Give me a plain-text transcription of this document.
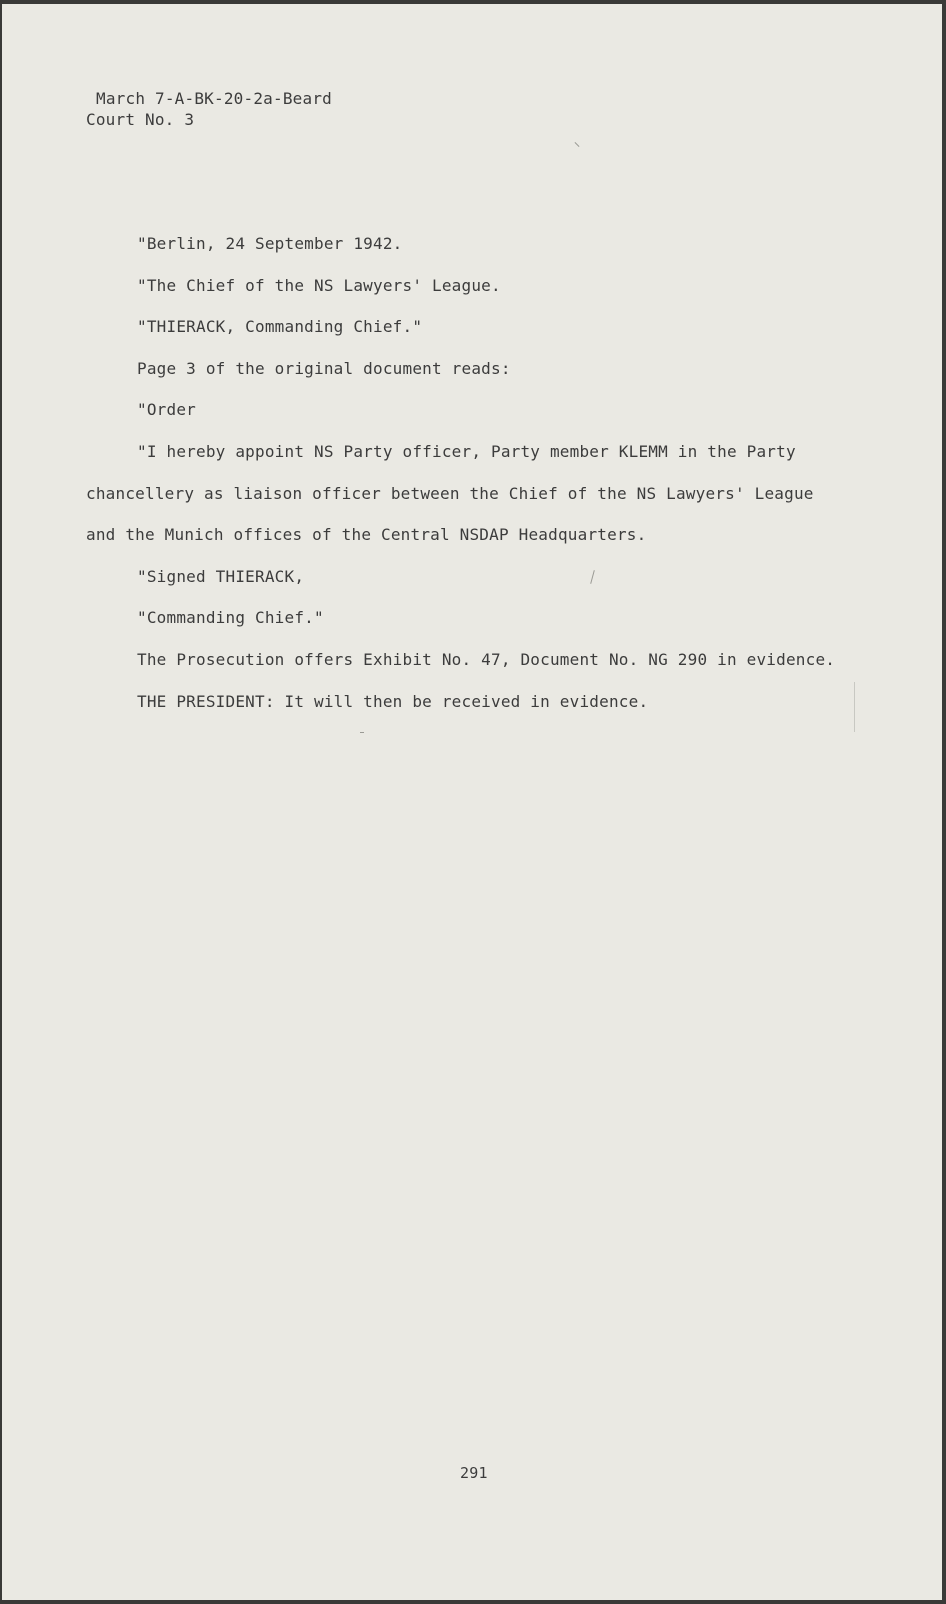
March 7-A-BK-20-2a-Beard
Court No. 3
"Berlin, 24 September 1942.
"The Chief of the NS Lawyers' League.
"THIERACK, Commanding Chief."
Page 3 of the original document reads:
"Order
"I hereby appoint NS Party officer, Party member KLEMM in the Party
chancellery as liaison officer between the Chief of the NS Lawyers' League
and the Munich offices of the Central NSDAP Headquarters.
"Signed THIERACK,
"Commanding Chief."
The Prosecution offers Exhibit No. 47, Document No. NG 290 in evidence.
THE PRESIDENT: It will then be received in evidence.
291
